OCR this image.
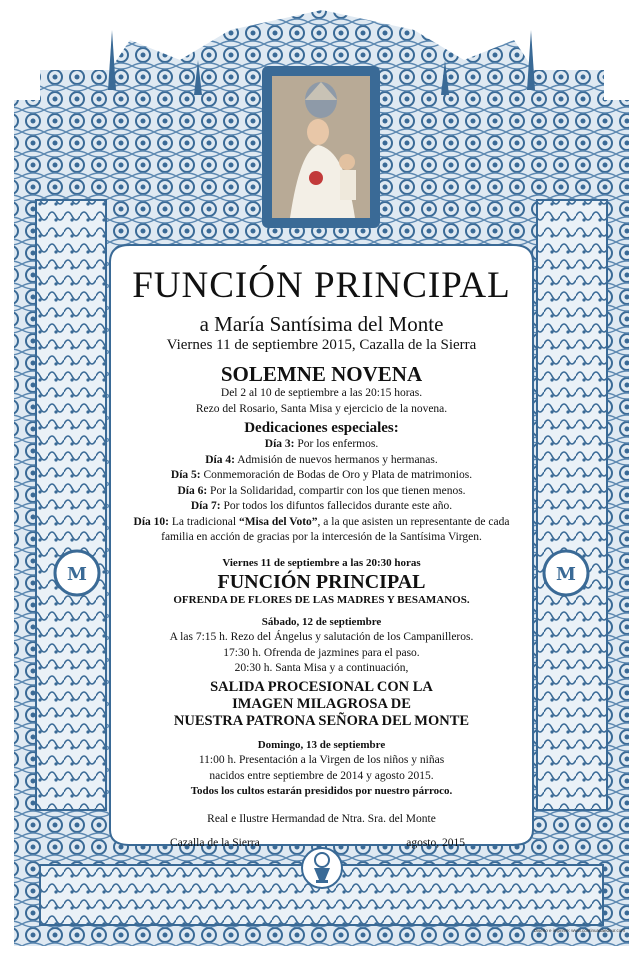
M	M
FUNCIÓN PRINCIPAL
a María Santísima del Monte
Viernes 11 de septiembre 2015, Cazalla de la Sierra
SOLEMNE NOVENA
Del 2 al 10 de septiembre a las 20:15 horas.
Rezo del Rosario, Santa Misa y ejercicio de la novena.
Dedicaciones especiales:
Día 3: Por los enfermos.
Día 4: Admisión de nuevos hermanos y hermanas.
Día 5: Conmemoración de Bodas de Oro y Plata de matrimonios.
Día 6: Por la Solidaridad, compartir con los que tienen menos.
Día 7: Por todos los difuntos fallecidos durante este año.
Día 10: La tradicional “Misa del Voto”, a la que asisten un representante de cada
familia en acción de gracias por la intercesión de la Santísima Virgen.
Viernes 11 de septiembre a las 20:30 horas
FUNCIÓN PRINCIPAL
OFRENDA DE FLORES DE LAS MADRES Y BESAMANOS.
Sábado, 12 de septiembre
A las 7:15 h. Rezo del Ángelus y salutación de los Campanilleros.
17:30 h. Ofrenda de jazmines para el paso.
20:30 h. Santa Misa y a continuación,
SALIDA PROCESIONAL CON LA
IMAGEN MILAGROSA DE
NUESTRA PATRONA SEÑORA DEL MONTE
Domingo, 13 de septiembre
11:00 h. Presentación a la Virgen de los niños y niñas
nacidos entre septiembre de 2014 y agosto 2015.
Todos los cultos estarán presididos por nuestro párroco.
Real e Ilustre Hermandad de Ntra. Sra. del Monte
Cazalla de la Sierra	agosto, 2015
Diseño e imprime: www.continuadaedeur.com
